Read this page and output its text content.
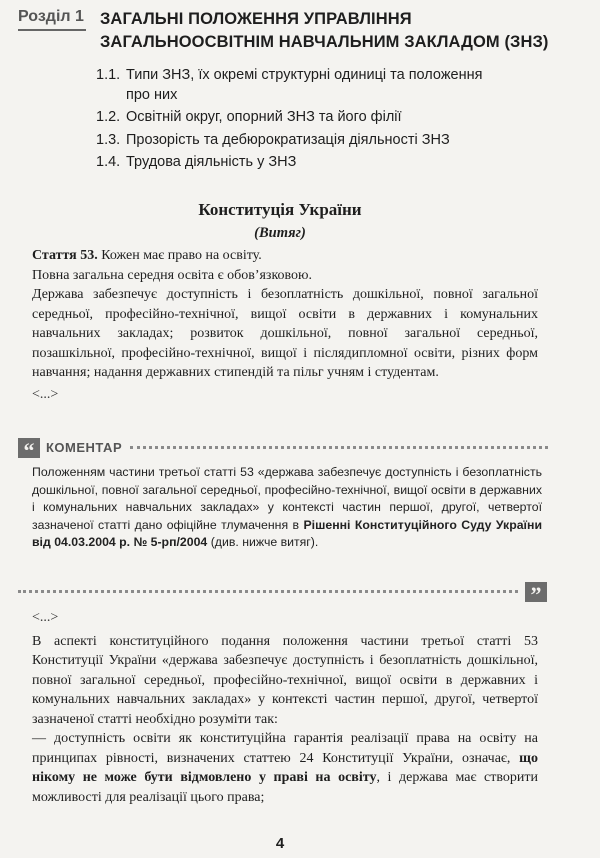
Розділ 1 ЗАГАЛЬНІ ПОЛОЖЕННЯ УПРАВЛІННЯ
ЗАГАЛЬНООСВІТНІМ НАВЧАЛЬНИМ ЗАКЛАДОМ (ЗНЗ)
1.1. Типи ЗНЗ, їх окремі структурні одиниці та положення
про них
1.2. Освітній округ, опорний ЗНЗ та його філії
1.3. Прозорість та дебюрократизація діяльності ЗНЗ
1.4. Трудова діяльність у ЗНЗ
Конституція України
(Витяг)

Стаття 53. Кожен має право на освіту.

Повна загальна середня освіта є обов’язковою.

Держава забезпечує доступність і безоплатність дошкільної, повної загальної середньої, професійно-технічної, вищої освіти в державних і комунальних навчальних закладах; розвиток дошкільної, повної загальної середньої, позашкільної, професійно-технічної, вищої і післядипломної освіти, різних форм навчання; надання державних стипендій та пільг учням і студентам.

<...>
“ КОМЕНТАР

Положенням частини третьої статті 53 «держава забезпечує доступність і безоплатність дошкільної, повної загальної середньої, професійно-технічної, вищої освіти в державних і комунальних навчальних закладах» у контексті частин першої, другої, четвертої зазначеної статті дано офіційне тлумачення в Рішенні Конституційного Суду України від 04.03.2004 р. № 5-рп/2004 (див. нижче витяг).

”
<...>

В аспекті конституційного подання положення частини третьої статті 53 Конституції України «держава забезпечує доступність і безоплатність дошкільної, повної загальної середньої, професійно-технічної, вищої освіти в державних і комунальних навчальних закладах» у контексті частин першої, другої, четвертої зазначеної статті необхідно розуміти так:

— доступність освіти як конституційна гарантія реалізації права на освіту на принципах рівності, визначених статтею 24 Конституції України, означає, що нікому не може бути відмовлено у праві на освіту, і держава має створити можливості для реалізації цього права;

4
